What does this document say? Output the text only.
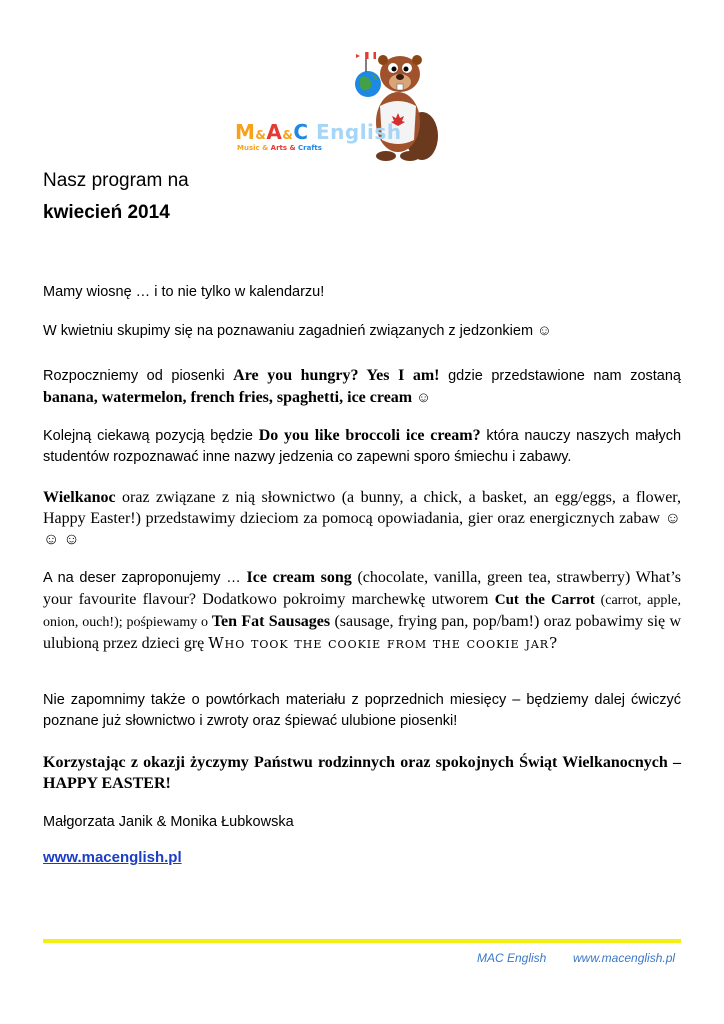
M&A&C English
Music & Arts & Crafts
Nasz program na
kwiecień 2014
Mamy wiosnę … i to nie tylko w kalendarzu!
W kwietniu skupimy się na poznawaniu zagadnień związanych z jedzonkiem ☺
Rozpoczniemy od piosenki Are you hungry? Yes I am! gdzie przedstawione nam zostaną banana, watermelon, french fries, spaghetti, ice cream ☺
Kolejną ciekawą pozycją będzie Do you like broccoli ice cream? która nauczy naszych małych studentów rozpoznawać inne nazwy jedzenia co zapewni sporo śmiechu i zabawy.
Wielkanoc oraz związane z nią słownictwo (a bunny, a chick, a basket, an egg/eggs, a flower, Happy Easter!) przedstawimy dzieciom za pomocą opowiadania, gier oraz energicznych zabaw ☺ ☺ ☺
A na deser zaproponujemy … Ice cream song (chocolate, vanilla, green tea, strawberry) What’s your favourite flavour? Dodatkowo pokroimy marchewkę utworem Cut the Carrot (carrot, apple, onion, ouch!); pośpiewamy o Ten Fat Sausages (sausage, frying pan, pop/bam!) oraz pobawimy się w ulubioną przez dzieci grę Who took the cookie from the cookie jar?
Nie zapomnimy także o powtórkach materiału z poprzednich miesięcy – będziemy dalej ćwiczyć poznane już słownictwo i zwroty oraz śpiewać ulubione piosenki!
Korzystając z okazji życzymy Państwu rodzinnych oraz spokojnych Świąt Wielkanocnych – HAPPY EASTER!
Małgorzata Janik & Monika Łubkowska
www.macenglish.pl
MAC English www.macenglish.pl
